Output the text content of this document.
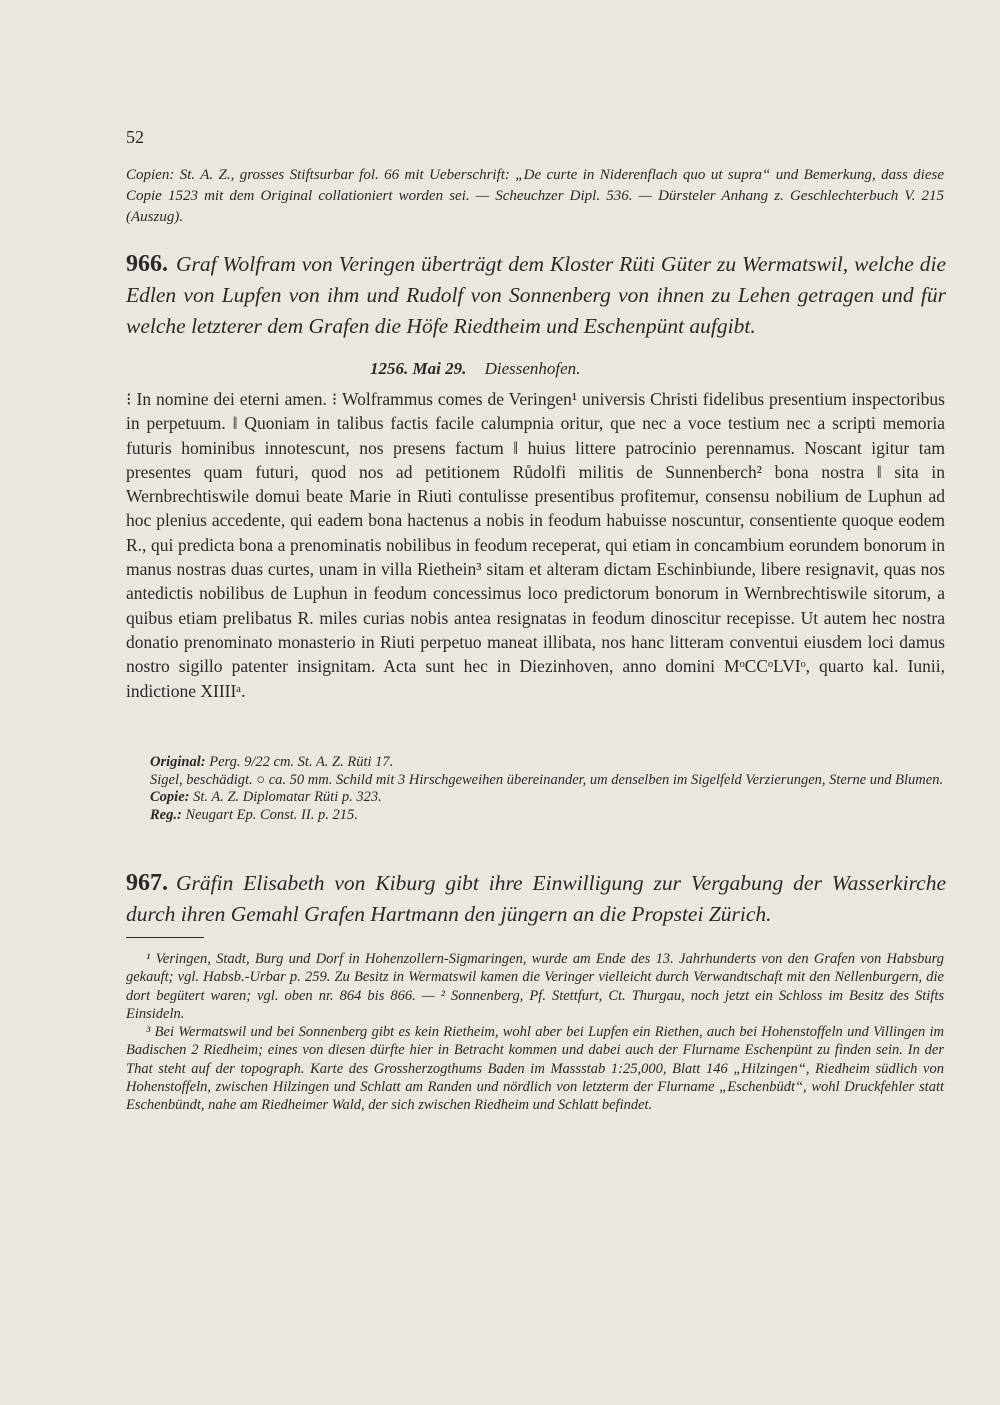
52
Copien: St. A. Z., grosses Stiftsurbar fol. 66 mit Ueberschrift: „De curte in Niderenflach quo ut supra“ und Bemerkung, dass diese Copie 1523 mit dem Original collationiert worden sei. — Scheuchzer Dipl. 536. — Dürsteler Anhang z. Geschlechterbuch V. 215 (Auszug).
966. Graf Wolfram von Veringen überträgt dem Kloster Rüti Güter zu Wermatswil, welche die Edlen von Lupfen von ihm und Rudolf von Sonnenberg von ihnen zu Lehen getragen und für welche letzterer dem Grafen die Höfe Riedtheim und Eschenpünt aufgibt.
1256. Mai 29. Diessenhofen.

⁝ In nomine dei eterni amen. ⁝ Wolframmus comes de Veringen¹ universis Christi fidelibus presentium inspectoribus in perpetuum. ‖ Quoniam in talibus factis facile calumpnia oritur, que nec a voce testium nec a scripti memoria futuris hominibus innotescunt, nos presens factum ‖ huius littere patrocinio perennamus. Noscant igitur tam presentes quam futuri, quod nos ad petitionem Růdolfi militis de Sunnenberch² bona nostra ‖ sita in Wernbrechtiswile domui beate Marie in Riuti contulisse presentibus profitemur, consensu nobilium de Luphun ad hoc plenius accedente, qui eadem bona hactenus a nobis in feodum habuisse noscuntur, consentiente quoque eodem R., qui predicta bona a prenominatis nobilibus in feodum receperat, qui etiam in concambium eorundem bonorum in manus nostras duas curtes, unam in villa Riethein³ sitam et alteram dictam Eschinbiunde, libere resignavit, quas nos antedictis nobilibus de Luphun in feodum concessimus loco predictorum bonorum in Wernbrechtiswile sitorum, a quibus etiam prelibatus R. miles curias nobis antea resignatas in feodum dinoscitur recepisse. Ut autem hec nostra donatio prenominato monasterio in Riuti perpetuo maneat illibata, nos hanc litteram conventui eiusdem loci damus nostro sigillo patenter insignitam. Acta sunt hec in Diezinhoven, anno domini MᵒCCᵒLVIᵒ, quarto kal. Iunii, indictione XIIIIᵃ.

Original: Perg. 9/22 cm. St. A. Z. Rüti 17.

Sigel, beschädigt. ○ ca. 50 mm. Schild mit 3 Hirschgeweihen übereinander, um denselben im Sigelfeld Verzierungen, Sterne und Blumen.

Copie: St. A. Z. Diplomatar Rüti p. 323.

Reg.: Neugart Ep. Const. II. p. 215.

967. Gräfin Elisabeth von Kiburg gibt ihre Einwilligung zur Vergabung der Wasserkirche durch ihren Gemahl Grafen Hartmann den jüngern an die Propstei Zürich.

¹ Veringen, Stadt, Burg und Dorf in Hohenzollern-Sigmaringen, wurde am Ende des 13. Jahrhunderts von den Grafen von Habsburg gekauft; vgl. Habsb.-Urbar p. 259. Zu Besitz in Wermatswil kamen die Veringer vielleicht durch Verwandtschaft mit den Nellenburgern, die dort begütert waren; vgl. oben nr. 864 bis 866. — ² Sonnenberg, Pf. Stettfurt, Ct. Thurgau, noch jetzt ein Schloss im Besitz des Stifts Einsideln.

³ Bei Wermatswil und bei Sonnenberg gibt es kein Rietheim, wohl aber bei Lupfen ein Riethen, auch bei Hohenstoffeln und Villingen im Badischen 2 Riedheim; eines von diesen dürfte hier in Betracht kommen und dabei auch der Flurname Eschenpünt zu finden sein. In der That steht auf der topograph. Karte des Grossherzogthums Baden im Massstab 1:25,000, Blatt 146 „Hilzingen“, Riedheim südlich von Hohenstoffeln, zwischen Hilzingen und Schlatt am Randen und nördlich von letzterm der Flurname „Eschenbüdt“, wohl Druckfehler statt Eschenbündt, nahe am Riedheimer Wald, der sich zwischen Riedheim und Schlatt befindet.
